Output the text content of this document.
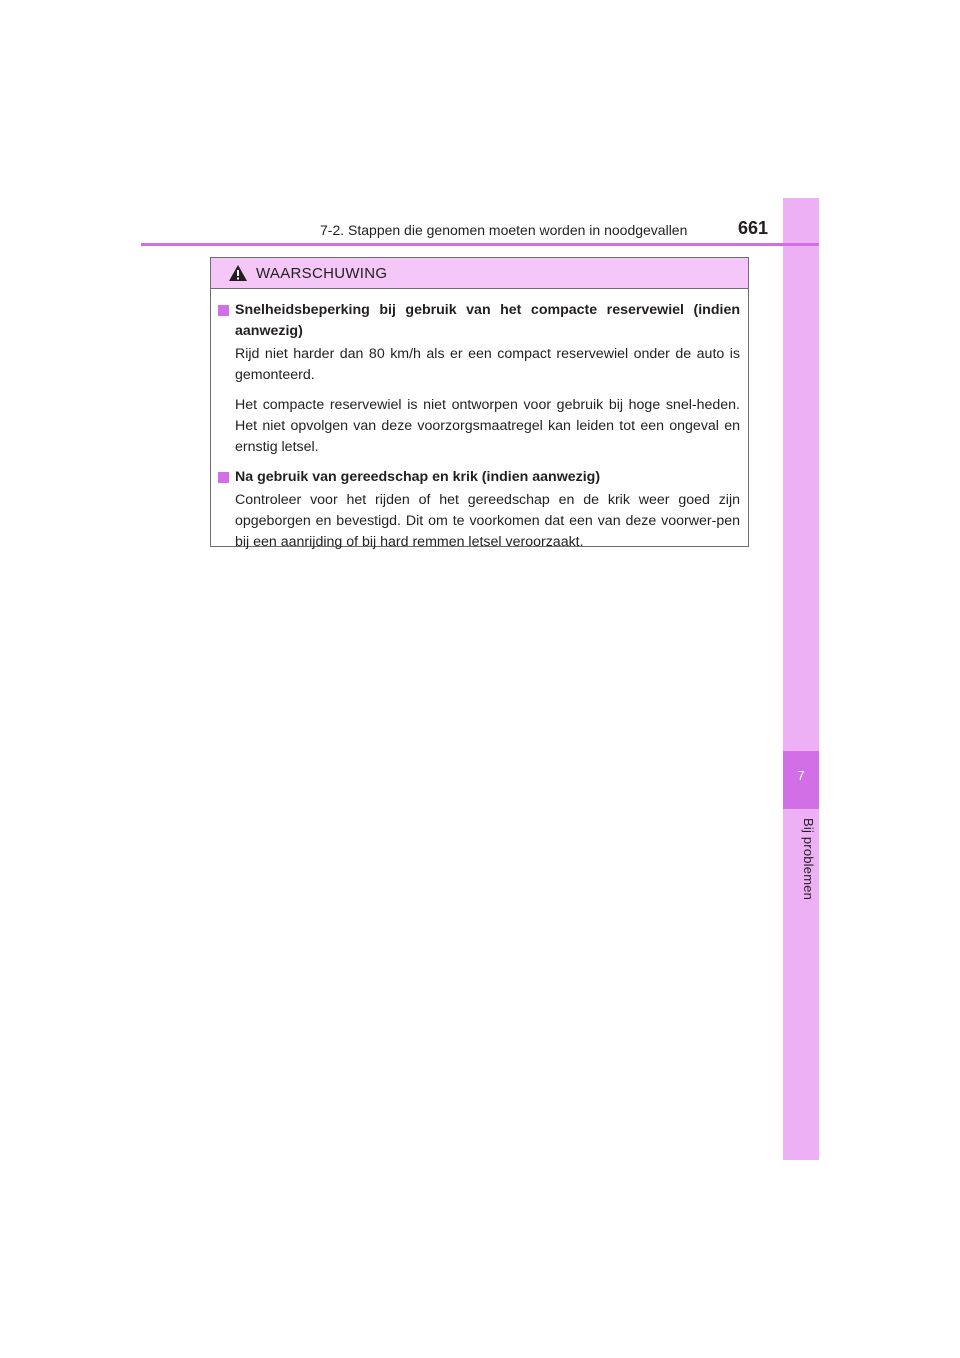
7
Bij problemen
7-2. Stappen die genomen moeten worden in noodgevallen	661
WAARSCHUWING
Snelheidsbeperking bij gebruik van het compacte reservewiel (indien aanwezig)
Rijd niet harder dan 80 km/h als er een compact reservewiel onder de auto is gemonteerd.
Het compacte reservewiel is niet ontworpen voor gebruik bij hoge snel-heden. Het niet opvolgen van deze voorzorgsmaatregel kan leiden tot een ongeval en ernstig letsel.
Na gebruik van gereedschap en krik (indien aanwezig)
Controleer voor het rijden of het gereedschap en de krik weer goed zijn opgeborgen en bevestigd. Dit om te voorkomen dat een van deze voorwer-pen bij een aanrijding of bij hard remmen letsel veroorzaakt.
